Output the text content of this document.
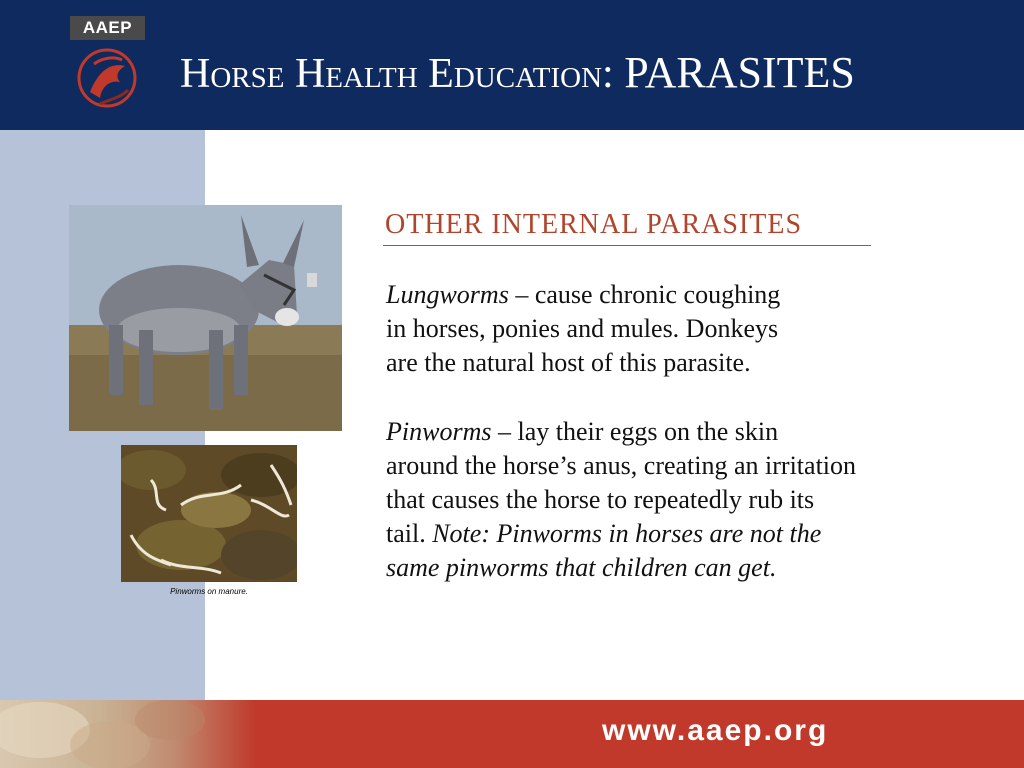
AAEP
Horse Health Education: PARASITES
Pinworms on manure.
OTHER INTERNAL PARASITES
Lungworms – cause chronic coughing
in horses, ponies and mules. Donkeys
are the natural host of this parasite.
Pinworms – lay their eggs on the skin
around the horse’s anus, creating an irritation
that causes the horse to repeatedly rub its
tail. Note: Pinworms in horses are not the
same pinworms that children can get.
www.aaep.org
